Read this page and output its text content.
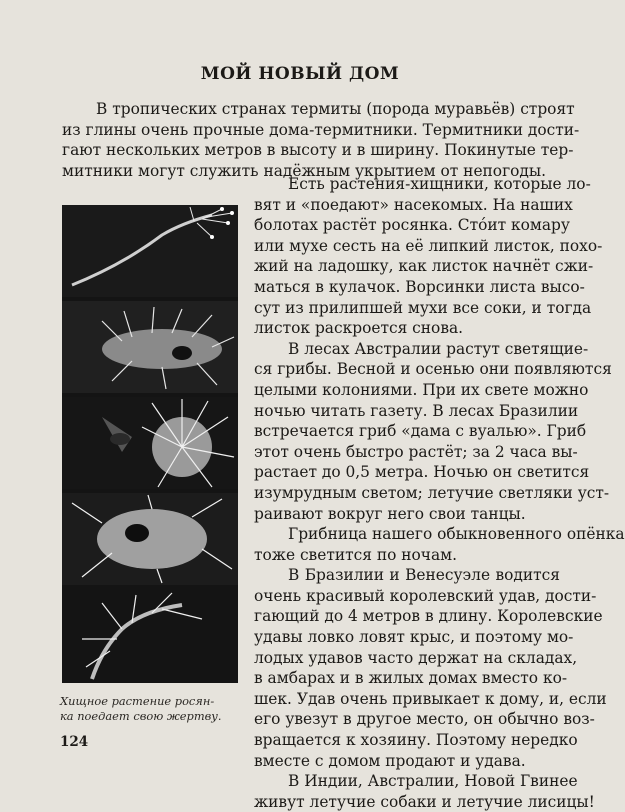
МОЙ НОВЫЙ ДОМ
В тропических странах термиты (порода муравьёв) строят
из глины очень прочные дома-термитники. Термитники дости-
гают нескольких метров в высоту и в ширину. Покинутые тер-
митники могут служить надёжным укрытием от непогоды.
Есть растения-хищники, которые ло-
вят и «поедают» насекомых. На наших
болотах растёт росянка. Стóит комару
или мухе сесть на её липкий листок, похо-
жий на ладошку, как листок начнёт сжи-
маться в кулачок. Ворсинки листа высо-
сут из прилипшей мухи все соки, и тогда
листок раскроется снова.
В лесах Австралии растут светящие-
ся грибы. Весной и осенью они появляются
целыми колониями. При их свете можно
ночью читать газету. В лесах Бразилии
встречается гриб «дама с вуалью». Гриб
этот очень быстро растёт; за 2 часа вы-
растает до 0,5 метра. Ночью он светится
изумрудным светом; летучие светляки уст-
раивают вокруг него свои танцы.
Грибница нашего обыкновенного опёнка
тоже светится по ночам.
В Бразилии и Венесуэле водится
очень красивый королевский удав, дости-
гающий до 4 метров в длину. Королевские
удавы ловко ловят крыс, и поэтому мо-
лодых удавов часто держат на складах,
в амбарах и в жилых домах вместо ко-
шек. Удав очень привыкает к дому, и, если
его увезут в другое место, он обычно воз-
вращается к хозяину. Поэтому нередко
вместе с домом продают и удава.
В Индии, Австралии, Новой Гвинее
живут летучие собаки и летучие лисицы!
Хищное растение росян-
ка поедает свою жертву.
124
